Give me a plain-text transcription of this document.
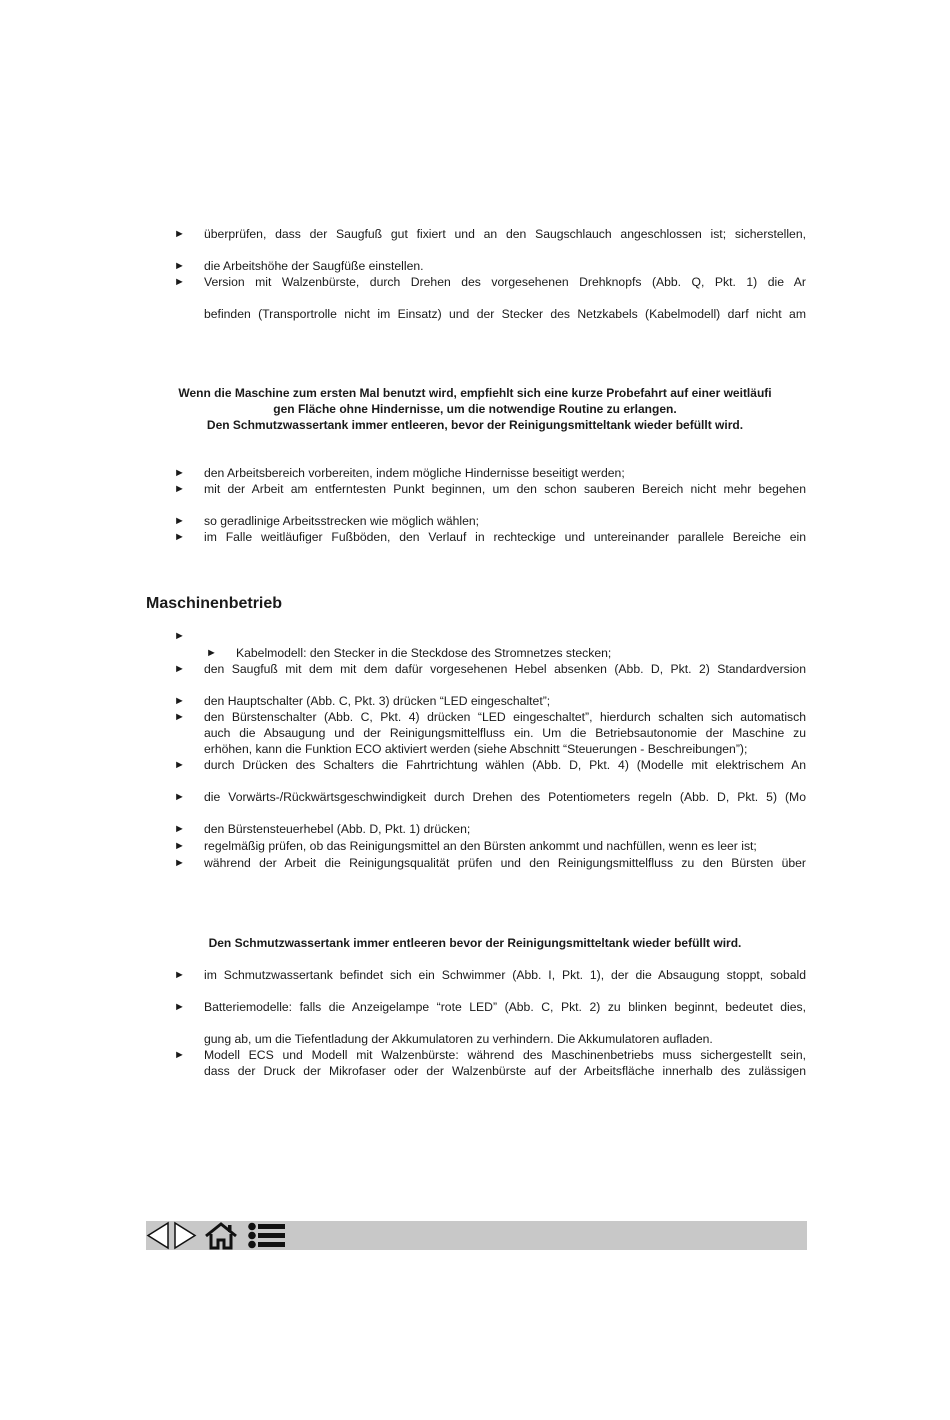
► überprüfen, dass der Saugfuß gut fixiert und an den Saugschlauch angeschlossen ist; sicherstellen,
► die Arbeitshöhe der Saugfüße einstellen.
► Version mit Walzenbürste, durch Drehen des vorgesehenen Drehknopfs (Abb. Q, Pkt. 1) die Ar
befinden (Transportrolle nicht im Einsatz) und der Stecker des Netzkabels (Kabelmodell) darf nicht am
Wenn die Maschine zum ersten Mal benutzt wird, empfiehlt sich eine kurze Probefahrt auf einer weitläufi
gen Fläche ohne Hindernisse, um die notwendige Routine zu erlangen.
Den Schmutzwassertank immer entleeren, bevor der Reinigungsmitteltank wieder befüllt wird.
► den Arbeitsbereich vorbereiten, indem mögliche Hindernisse beseitigt werden;
► mit der Arbeit am entferntesten Punkt beginnen, um den schon sauberen Bereich nicht mehr begehen
► so geradlinige Arbeitsstrecken wie möglich wählen;
► im Falle weitläufiger Fußböden, den Verlauf in rechteckige und untereinander parallele Bereiche ein
Maschinenbetrieb
►
► Kabelmodell: den Stecker in die Steckdose des Stromnetzes stecken;
► den Saugfuß mit dem mit dem dafür vorgesehenen Hebel absenken (Abb. D, Pkt. 2) Standardversion
► den Hauptschalter (Abb. C, Pkt. 3) drücken “LED eingeschaltet”;
► den Bürstenschalter (Abb. C, Pkt. 4) drücken “LED eingeschaltet”, hierdurch schalten sich automatisch
auch die Absaugung und der Reinigungsmittelfluss ein. Um die Betriebsautonomie der Maschine zu
erhöhen, kann die Funktion ECO aktiviert werden (siehe Abschnitt “Steuerungen - Beschreibungen”);
► durch Drücken des Schalters die Fahrtrichtung wählen (Abb. D, Pkt. 4) (Modelle mit elektrischem An
► die Vorwärts-/Rückwärtsgeschwindigkeit durch Drehen des Potentiometers regeln (Abb. D, Pkt. 5) (Mo
► den Bürstensteuerhebel (Abb. D, Pkt. 1) drücken;
► regelmäßig prüfen, ob das Reinigungsmittel an den Bürsten ankommt und nachfüllen, wenn es leer ist;
► während der Arbeit die Reinigungsqualität prüfen und den Reinigungsmittelfluss zu den Bürsten über
Den Schmutzwassertank immer entleeren bevor der Reinigungsmitteltank wieder befüllt wird.
► im Schmutzwassertank befindet sich ein Schwimmer (Abb. I, Pkt. 1), der die Absaugung stoppt, sobald
► Batteriemodelle: falls die Anzeigelampe “rote LED” (Abb. C, Pkt. 2) zu blinken beginnt, bedeutet dies,
gung ab, um die Tiefentladung der Akkumulatoren zu verhindern. Die Akkumulatoren aufladen.
► Modell ECS und Modell mit Walzenbürste: während des Maschinenbetriebs muss sichergestellt sein,
dass der Druck der Mikrofaser oder der Walzenbürste auf der Arbeitsfläche innerhalb des zulässigen
